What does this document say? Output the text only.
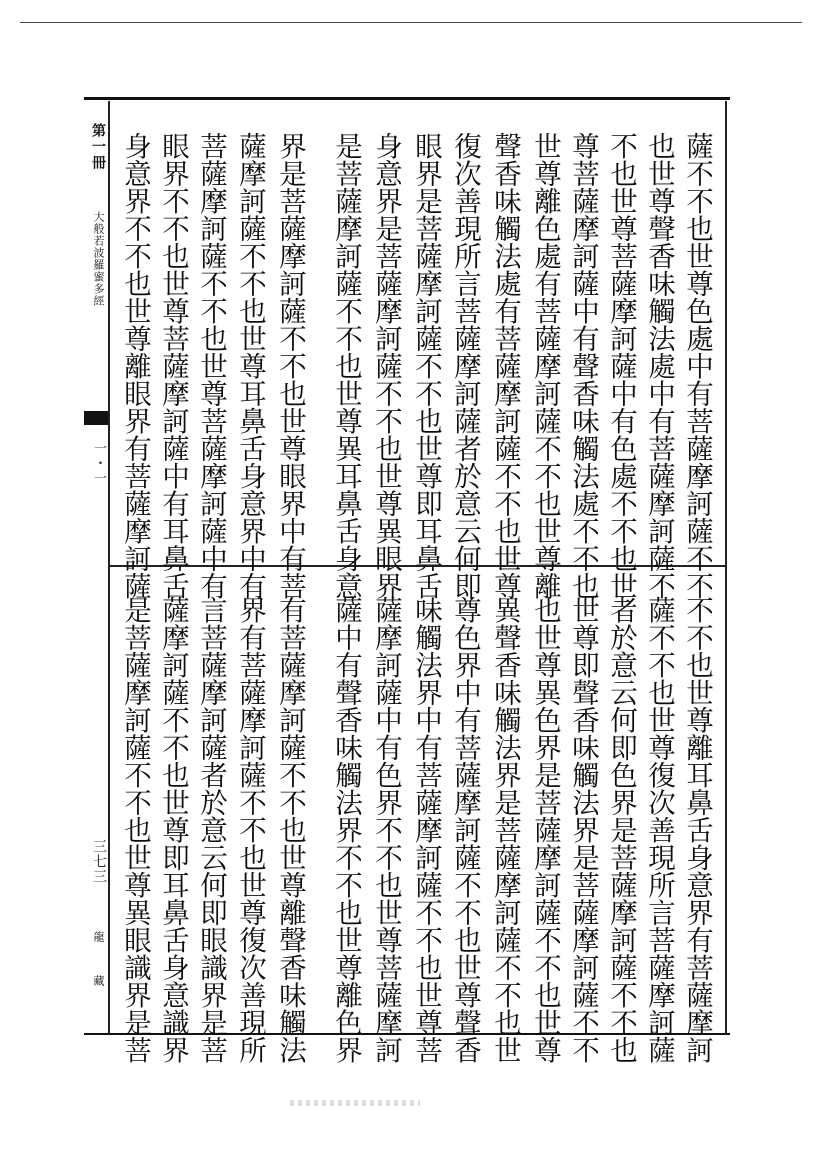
第一冊
大般若波羅蜜多經
一・一
三七三
龍 藏
薩不不也世尊色處中有菩薩摩訶薩不不
也世尊聲香味觸法處中有菩薩摩訶薩不
不也世尊菩薩摩訶薩中有色處不不也世
尊菩薩摩訶薩中有聲香味觸法處不不也
世尊離色處有菩薩摩訶薩不不也世尊離
聲香味觸法處有菩薩摩訶薩不不也世尊
復次善現所言菩薩摩訶薩者於意云何即
眼界是菩薩摩訶薩不不也世尊即耳鼻舌
身意界是菩薩摩訶薩不不也世尊異眼界
是菩薩摩訶薩不不也世尊異耳鼻舌身意
界是菩薩摩訶薩不不也世尊眼界中有菩
薩摩訶薩不不也世尊耳鼻舌身意界中有
菩薩摩訶薩不不也世尊菩薩摩訶薩中有
眼界不不也世尊菩薩摩訶薩中有耳鼻舌
身意界不不也世尊離眼界有菩薩摩訶薩
不不也世尊離耳鼻舌身意界有菩薩摩訶
薩不不也世尊復次善現所言菩薩摩訶薩
者於意云何即色界是菩薩摩訶薩不不也
世尊即聲香味觸法界是菩薩摩訶薩不不
也世尊異色界是菩薩摩訶薩不不也世尊
異聲香味觸法界是菩薩摩訶薩不不也世
尊色界中有菩薩摩訶薩不不也世尊聲香
味觸法界中有菩薩摩訶薩不不也世尊菩
薩摩訶薩中有色界不不也世尊菩薩摩訶
薩中有聲香味觸法界不不也世尊離色界
有菩薩摩訶薩不不也世尊離聲香味觸法
界有菩薩摩訶薩不不也世尊復次善現所
言菩薩摩訶薩者於意云何即眼識界是菩
薩摩訶薩不不也世尊即耳鼻舌身意識界
是菩薩摩訶薩不不也世尊異眼識界是菩
